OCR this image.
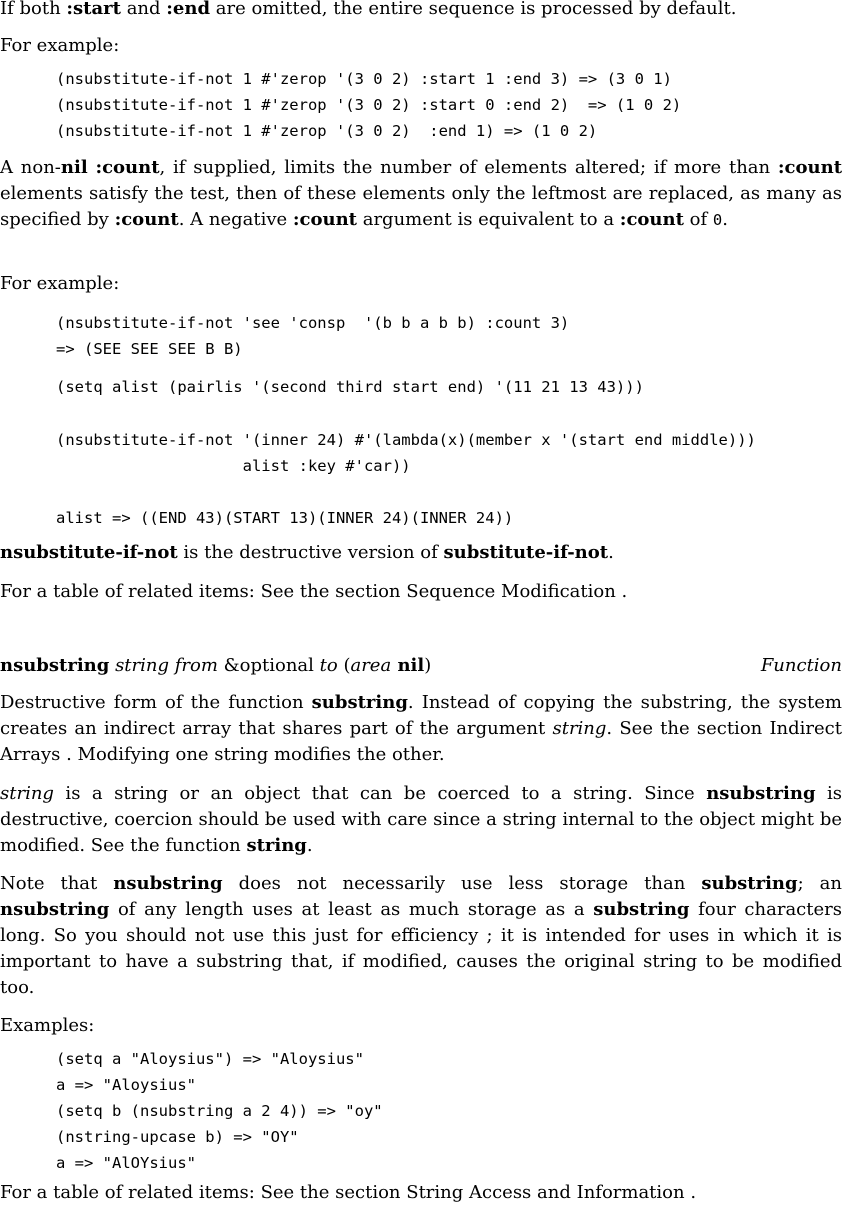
If both :start and :end are omitted, the entire sequence is processed by default.

For example:

(nsubstitute-if-not 1 #'zerop '(3 0 2) :start 1 :end 3) => (3 0 1)
(nsubstitute-if-not 1 #'zerop '(3 0 2) :start 0 :end 2)  => (1 0 2)
(nsubstitute-if-not 1 #'zerop '(3 0 2)  :end 1) => (1 0 2)

A non-nil :count, if supplied, limits the number of elements altered; if more than :count elements satisfy the test, then of these elements only the leftmost are replaced, as many as specified by :count. A negative :count argument is equivalent to a :count of 0.

For example:

(nsubstitute-if-not 'see 'consp  '(b b a b b) :count 3)
=> (SEE SEE SEE B B)
(setq alist (pairlis '(second third start end) '(11 21 13 43)))
(nsubstitute-if-not '(inner 24) #'(lambda(x)(member x '(start end middle)))
alist :key #'car))
alist => ((END 43)(START 13)(INNER 24)(INNER 24))

nsubstitute-if-not is the destructive version of substitute-if-not.

For a table of related items: See the section Sequence Modification .

nsubstring string from &optional to (area nil)	Function

Destructive form of the function substring. Instead of copying the substring, the system creates an indirect array that shares part of the argument string. See the section Indirect Arrays . Modifying one string modifies the other.

string is a string or an object that can be coerced to a string. Since nsubstring is destructive, coercion should be used with care since a string internal to the object might be modified. See the function string.

Note that nsubstring does not necessarily use less storage than substring; an nsubstring of any length uses at least as much storage as a substring four characters long. So you should not use this just for efficiency ; it is intended for uses in which it is important to have a substring that, if modified, causes the original string to be modified too.

Examples:

(setq a "Aloysius") => "Aloysius"
a => "Aloysius"
(setq b (nsubstring a 2 4)) => "oy"
(nstring-upcase b) => "OY"
a => "AlOYsius"

For a table of related items: See the section String Access and Information .
